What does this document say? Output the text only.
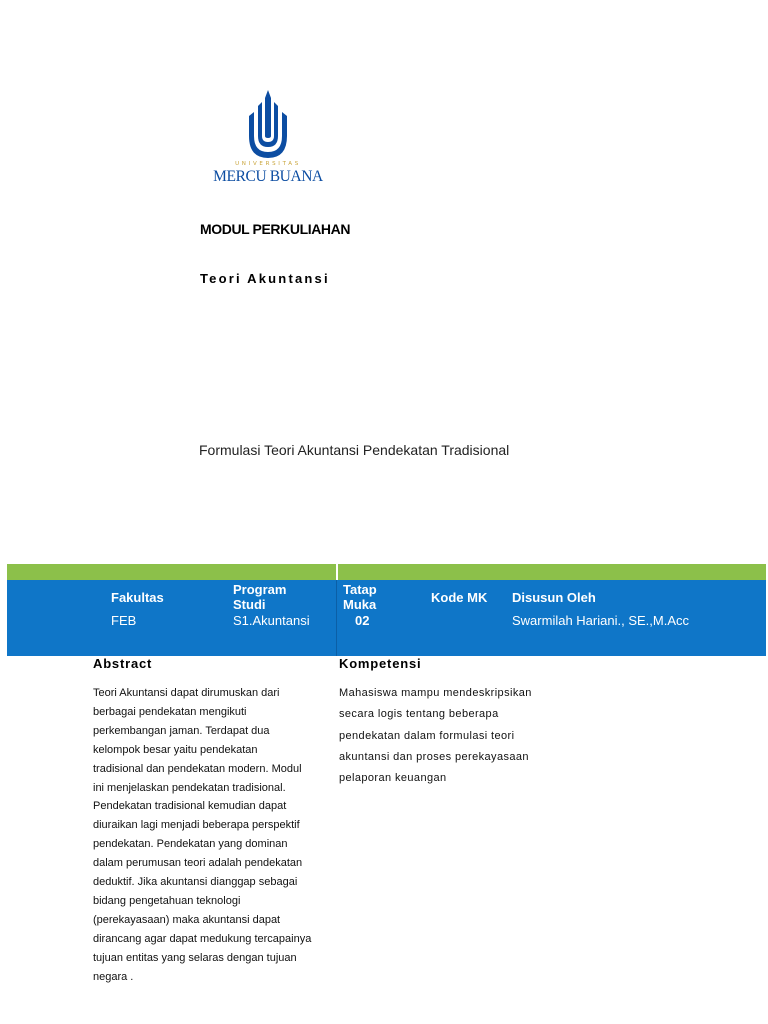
UNIVERSITAS
MERCU BUANA
MODUL PERKULIAHAN
Teori Akuntansi
Formulasi Teori Akuntansi Pendekatan Tradisional
Fakultas
FEB
Program
Studi
S1.Akuntansi
Tatap
Muka
02
Kode MK Disusun Oleh
Swarmilah Hariani., SE.,M.Acc
Abstract
Teori Akuntansi dapat dirumuskan dari
berbagai pendekatan mengikuti
perkembangan jaman. Terdapat dua
kelompok besar yaitu pendekatan
tradisional dan pendekatan modern. Modul
ini menjelaskan pendekatan tradisional.
Pendekatan tradisional kemudian dapat
diuraikan lagi menjadi beberapa perspektif
pendekatan. Pendekatan yang dominan
dalam perumusan teori adalah pendekatan
deduktif. Jika akuntansi dianggap sebagai
bidang pengetahuan teknologi
(perekayasaan) maka akuntansi dapat
dirancang agar dapat medukung tercapainya
tujuan entitas yang selaras dengan tujuan
negara .
Kompetensi
Mahasiswa mampu mendeskripsikan
secara logis tentang beberapa
pendekatan dalam formulasi teori
akuntansi dan proses perekayasaan
pelaporan keuangan
